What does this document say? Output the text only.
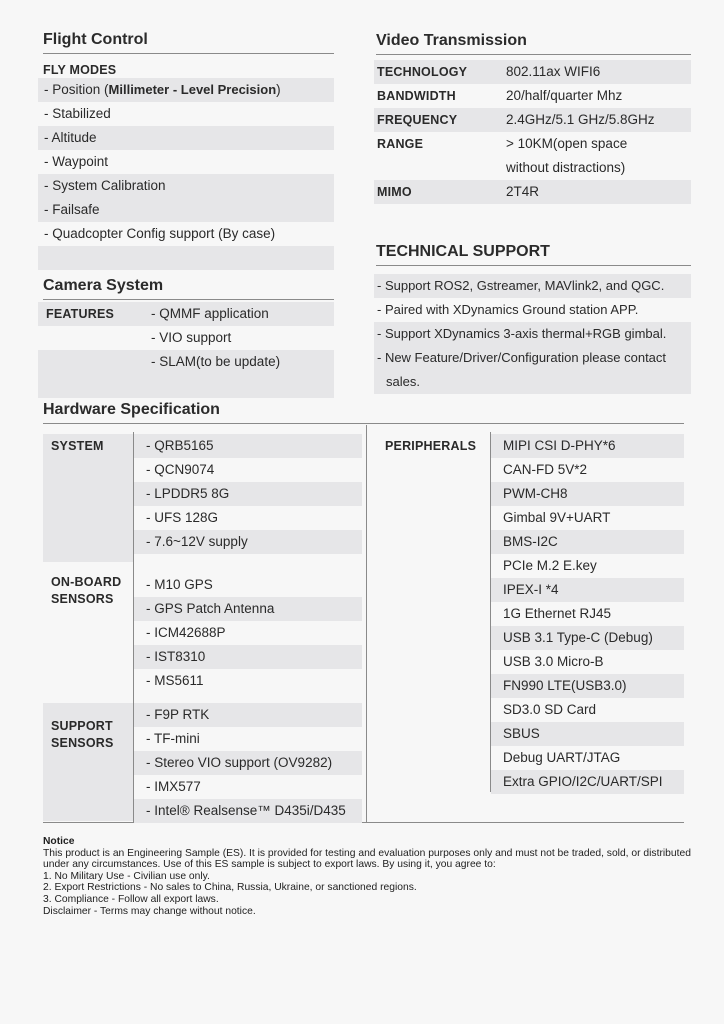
Flight Control
FLY MODES
- Position (Millimeter - Level Precision)
- Stabilized
- Altitude
- Waypoint
- System Calibration
- Failsafe
- Quadcopter Config support (By case)
Camera System
FEATURES	- QMMF application
- VIO support
- SLAM(to be update)
Video Transmission
TECHNOLOGY	802.11ax WIFI6
BANDWIDTH	20/half/quarter Mhz
FREQUENCY	2.4GHz/5.1 GHz/5.8GHz
RANGE	> 10KM(open space
without distractions)
MIMO	2T4R
TECHNICAL SUPPORT
- Support ROS2, Gstreamer, MAVlink2, and QGC.
- Paired with XDynamics Ground station APP.
- Support XDynamics 3-axis thermal+RGB gimbal.
- New Feature/Driver/Configuration please contact
sales.
Hardware Specification
SYSTEM	- QRB5165
- QCN9074
- LPDDR5 8G
- UFS 128G
- 7.6~12V supply
ON-BOARD
SENSORS
- M10 GPS
- GPS Patch Antenna
- ICM42688P
- IST8310
- MS5611
SUPPORT
SENSORS
- F9P RTK
- TF-mini
- Stereo VIO support (OV9282)
- IMX577
- Intel® Realsense™ D435i/D435
PERIPHERALS MIPI CSI D-PHY*6
CAN-FD 5V*2
PWM-CH8
Gimbal 9V+UART
BMS-I2C
PCIe M.2 E.key
IPEX-I *4
1G Ethernet RJ45
USB 3.1 Type-C (Debug)
USB 3.0 Micro-B
FN990 LTE(USB3.0)
SD3.0 SD Card
SBUS
Debug UART/JTAG
Extra GPIO/I2C/UART/SPI
Notice
This product is an Engineering Sample (ES). It is provided for testing and evaluation purposes only and must not be traded, sold, or distributed under any circumstances. Use of this ES sample is subject to export laws. By using it, you agree to:
1. No Military Use - Civilian use only.
2. Export Restrictions - No sales to China, Russia, Ukraine, or sanctioned regions.
3. Compliance - Follow all export laws.
Disclaimer - Terms may change without notice.
